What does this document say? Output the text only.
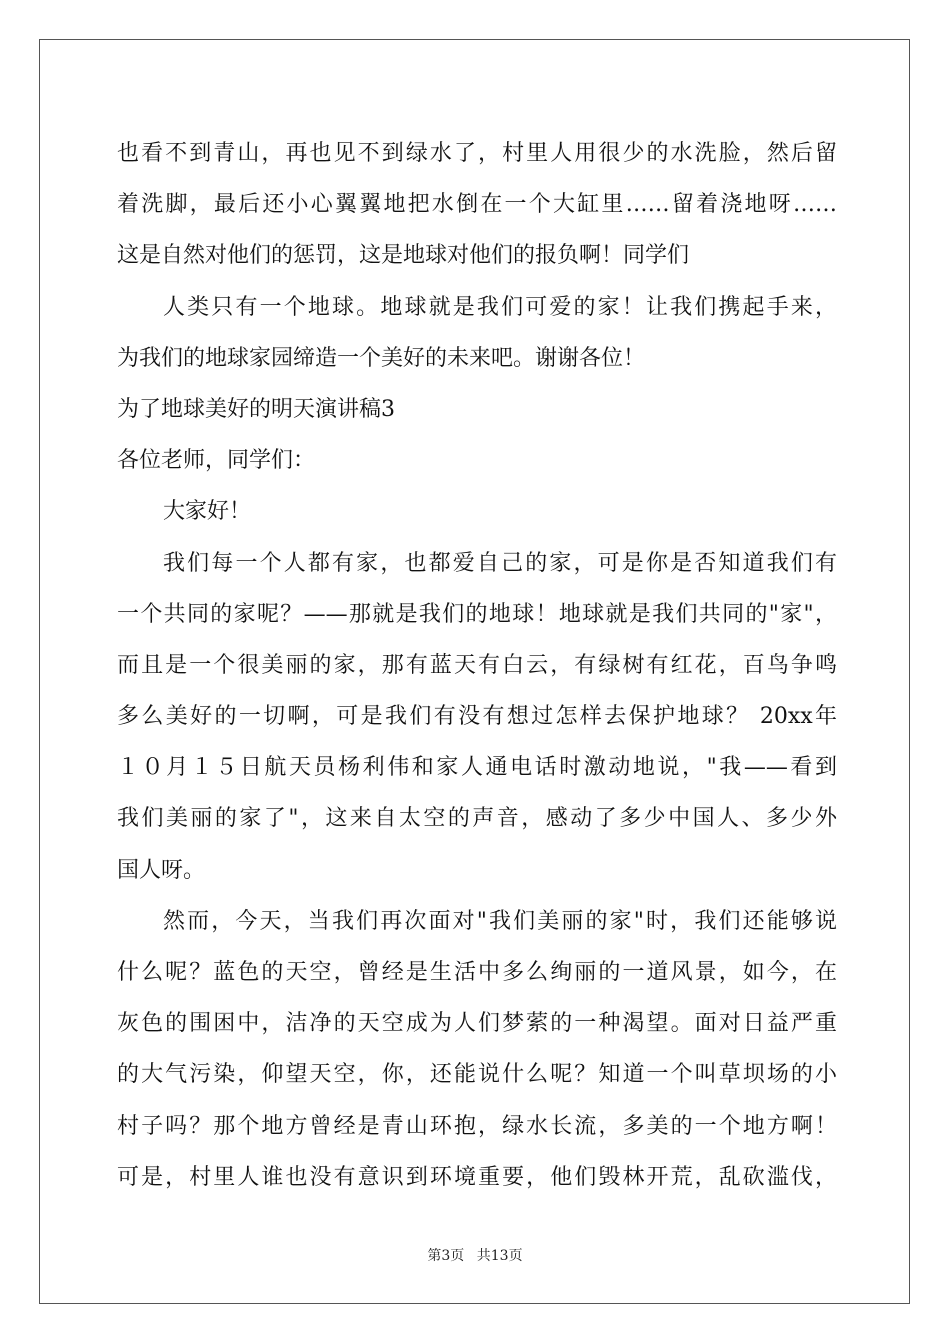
也看不到青山，再也见不到绿水了，村里人用很少的水洗脸，然后留
着洗脚，最后还小心翼翼地把水倒在一个大缸里……留着浇地呀……
这是自然对他们的惩罚，这是地球对他们的报负啊！同学们
人类只有一个地球。地球就是我们可爱的家！让我们携起手来，
为我们的地球家园缔造一个美好的未来吧。谢谢各位！
为了地球美好的明天演讲稿3
各位老师，同学们：
大家好！
我们每一个人都有家，也都爱自己的家，可是你是否知道我们有
一个共同的家呢？——那就是我们的地球！地球就是我们共同的"家"，
而且是一个很美丽的家，那有蓝天有白云，有绿树有红花，百鸟争鸣
多么美好的一切啊，可是我们有没有想过怎样去保护地球？ 20xx年
１０月１５日航天员杨利伟和家人通电话时激动地说，"我——看到
我们美丽的家了"，这来自太空的声音，感动了多少中国人、多少外
国人呀。
然而，今天，当我们再次面对"我们美丽的家"时，我们还能够说
什么呢？蓝色的天空，曾经是生活中多么绚丽的一道风景，如今，在
灰色的围困中，洁净的天空成为人们梦萦的一种渴望。面对日益严重
的大气污染，仰望天空，你，还能说什么呢？知道一个叫草坝场的小
村子吗？那个地方曾经是青山环抱，绿水长流，多美的一个地方啊！
可是，村里人谁也没有意识到环境重要，他们毁林开荒，乱砍滥伐，
第3页 共13页
